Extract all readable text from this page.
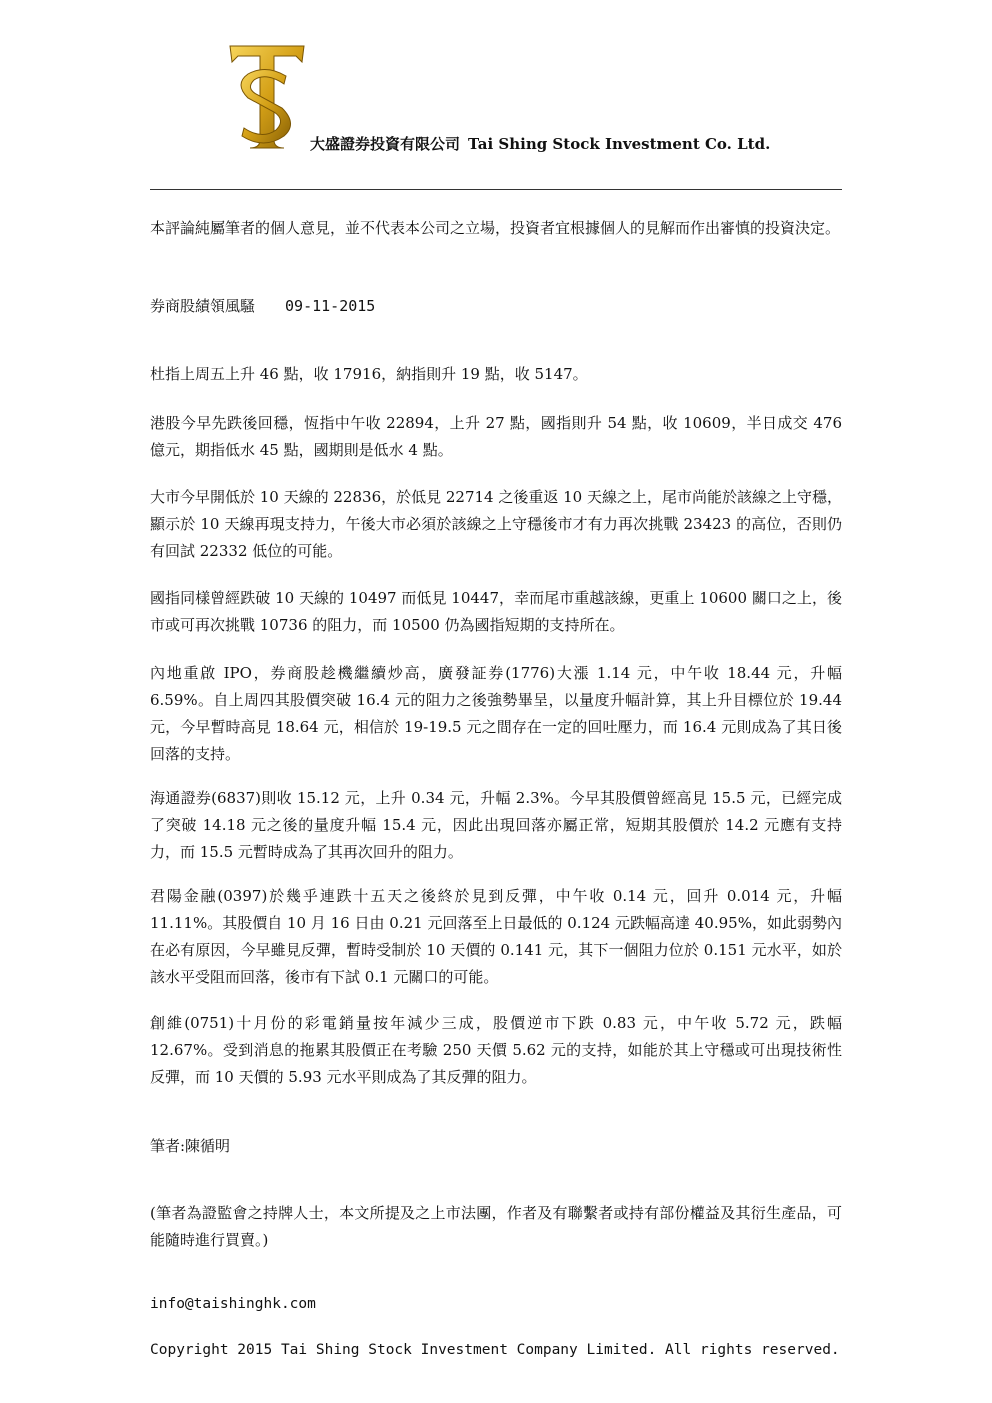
大盛證券投資有限公司 Tai Shing Stock Investment Co. Ltd.

本評論純屬筆者的個人意見，並不代表本公司之立場，投資者宜根據個人的見解而作出審慎的投資決定。

券商股績領風騷 09-11-2015

杜指上周五上升 46 點，收 17916，納指則升 19 點，收 5147。

港股今早先跌後回穩，恆指中午收 22894，上升 27 點，國指則升 54 點，收 10609，半日成交 476 億元，期指低水 45 點，國期則是低水 4 點。

大市今早開低於 10 天線的 22836，於低見 22714 之後重返 10 天線之上，尾市尚能於該線之上守穩，顯示於 10 天線再現支持力，午後大市必須於該線之上守穩後市才有力再次挑戰 23423 的高位，否則仍有回試 22332 低位的可能。

國指同樣曾經跌破 10 天線的 10497 而低見 10447，幸而尾市重越該線，更重上 10600 關口之上，後市或可再次挑戰 10736 的阻力，而 10500 仍為國指短期的支持所在。

內地重啟 IPO，券商股趁機繼續炒高，廣發証券(1776)大漲 1.14 元，中午收 18.44 元，升幅 6.59%。自上周四其股價突破 16.4 元的阻力之後強勢畢呈，以量度升幅計算，其上升目標位於 19.44 元，今早暫時高見 18.64 元，相信於 19-19.5 元之間存在一定的回吐壓力，而 16.4 元則成為了其日後回落的支持。

海通證券(6837)則收 15.12 元，上升 0.34 元，升幅 2.3%。今早其股價曾經高見 15.5 元，已經完成了突破 14.18 元之後的量度升幅 15.4 元，因此出現回落亦屬正常，短期其股價於 14.2 元應有支持力，而 15.5 元暫時成為了其再次回升的阻力。

君陽金融(0397)於幾乎連跌十五天之後終於見到反彈，中午收 0.14 元，回升 0.014 元，升幅 11.11%。其股價自 10 月 16 日由 0.21 元回落至上日最低的 0.124 元跌幅高達 40.95%，如此弱勢內在必有原因，今早雖見反彈，暫時受制於 10 天價的 0.141 元，其下一個阻力位於 0.151 元水平，如於該水平受阻而回落，後市有下試 0.1 元關口的可能。

創維(0751)十月份的彩電銷量按年減少三成，股價逆市下跌 0.83 元，中午收 5.72 元，跌幅 12.67%。受到消息的拖累其股價正在考驗 250 天價 5.62 元的支持，如能於其上守穩或可出現技術性反彈，而 10 天價的 5.93 元水平則成為了其反彈的阻力。

筆者:陳循明

(筆者為證監會之持牌人士，本文所提及之上市法團，作者及有聯繫者或持有部份權益及其衍生產品，可能隨時進行買賣。)

info@taishinghk.com
Copyright 2015 Tai Shing Stock Investment Company Limited. All rights reserved.
